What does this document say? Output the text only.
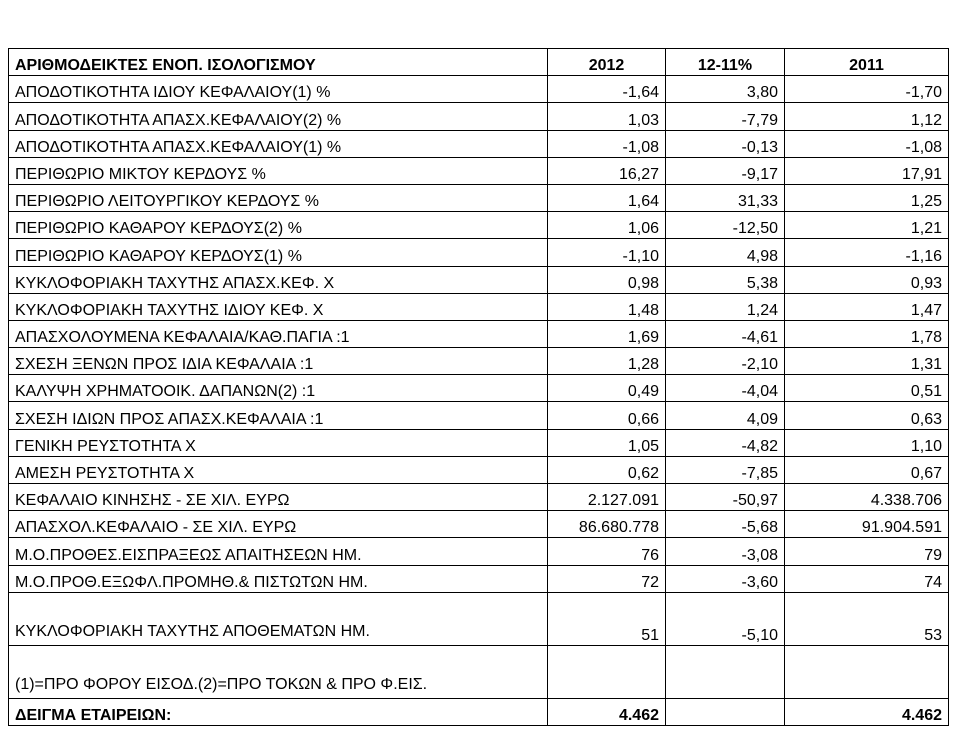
ΑΡΙΘΜΟΔΕΙΚΤΕΣ ΕΝΟΠ. ΙΣΟΛΟΓΙΣΜΟΥ	2012	12-11%	2011
ΑΠΟΔΟΤΙΚΟΤΗΤΑ ΙΔΙΟΥ ΚΕΦΑΛΑΙΟΥ(1) %	-1,64	3,80	-1,70
ΑΠΟΔΟΤΙΚΟΤΗΤΑ ΑΠΑΣΧ.ΚΕΦΑΛΑΙΟΥ(2) %	1,03	-7,79	1,12
ΑΠΟΔΟΤΙΚΟΤΗΤΑ ΑΠΑΣΧ.ΚΕΦΑΛΑΙΟΥ(1) %	-1,08	-0,13	-1,08
ΠΕΡΙΘΩΡΙΟ ΜΙΚΤΟΥ ΚΕΡΔΟΥΣ %	16,27	-9,17	17,91
ΠΕΡΙΘΩΡΙΟ ΛΕΙΤΟΥΡΓΙΚΟΥ ΚΕΡΔΟΥΣ %	1,64	31,33	1,25
ΠΕΡΙΘΩΡΙΟ ΚΑΘΑΡΟΥ ΚΕΡΔΟΥΣ(2) %	1,06	-12,50	1,21
ΠΕΡΙΘΩΡΙΟ ΚΑΘΑΡΟΥ ΚΕΡΔΟΥΣ(1) %	-1,10	4,98	-1,16
ΚΥΚΛΟΦΟΡΙΑΚΗ ΤΑΧΥΤΗΣ ΑΠΑΣΧ.ΚΕΦ. Χ	0,98	5,38	0,93
ΚΥΚΛΟΦΟΡΙΑΚΗ ΤΑΧΥΤΗΣ ΙΔΙΟΥ ΚΕΦ. Χ	1,48	1,24	1,47
ΑΠΑΣΧΟΛΟΥΜΕΝΑ ΚΕΦΑΛΑΙΑ/ΚΑΘ.ΠΑΓΙΑ :1	1,69	-4,61	1,78
ΣΧΕΣΗ ΞΕΝΩΝ ΠΡΟΣ ΙΔΙΑ ΚΕΦΑΛΑΙΑ :1	1,28	-2,10	1,31
ΚΑΛΥΨΗ ΧΡΗΜΑΤΟΟΙΚ. ΔΑΠΑΝΩΝ(2) :1	0,49	-4,04	0,51
ΣΧΕΣΗ ΙΔΙΩΝ ΠΡΟΣ ΑΠΑΣΧ.ΚΕΦΑΛΑΙΑ :1	0,66	4,09	0,63
ΓΕΝΙΚΗ ΡΕΥΣΤΟΤΗΤΑ Χ	1,05	-4,82	1,10
ΑΜΕΣΗ ΡΕΥΣΤΟΤΗΤΑ Χ	0,62	-7,85	0,67
ΚΕΦΑΛΑΙΟ ΚΙΝΗΣΗΣ - ΣΕ ΧΙΛ. ΕΥΡΩ	2.127.091	-50,97	4.338.706
ΑΠΑΣΧΟΛ.ΚΕΦΑΛΑΙΟ - ΣΕ ΧΙΛ. ΕΥΡΩ	86.680.778	-5,68	91.904.591
Μ.Ο.ΠΡΟΘΕΣ.ΕΙΣΠΡΑΞΕΩΣ ΑΠΑΙΤΗΣΕΩΝ ΗΜ.	76	-3,08	79
Μ.Ο.ΠΡΟΘ.ΕΞΩΦΛ.ΠΡΟΜΗΘ.& ΠΙΣΤΩΤΩΝ ΗΜ.	72	-3,60	74
ΚΥΚΛΟΦΟΡΙΑΚΗ ΤΑΧΥΤΗΣ ΑΠΟΘΕΜΑΤΩΝ ΗΜ.	51	-5,10	53
(1)=ΠΡΟ ΦΟΡΟΥ ΕΙΣΟΔ.(2)=ΠΡΟ ΤΟΚΩΝ & ΠΡΟ Φ.ΕΙΣ.			
ΔΕΙΓΜΑ ΕΤΑΙΡΕΙΩΝ:	4.462		4.462
